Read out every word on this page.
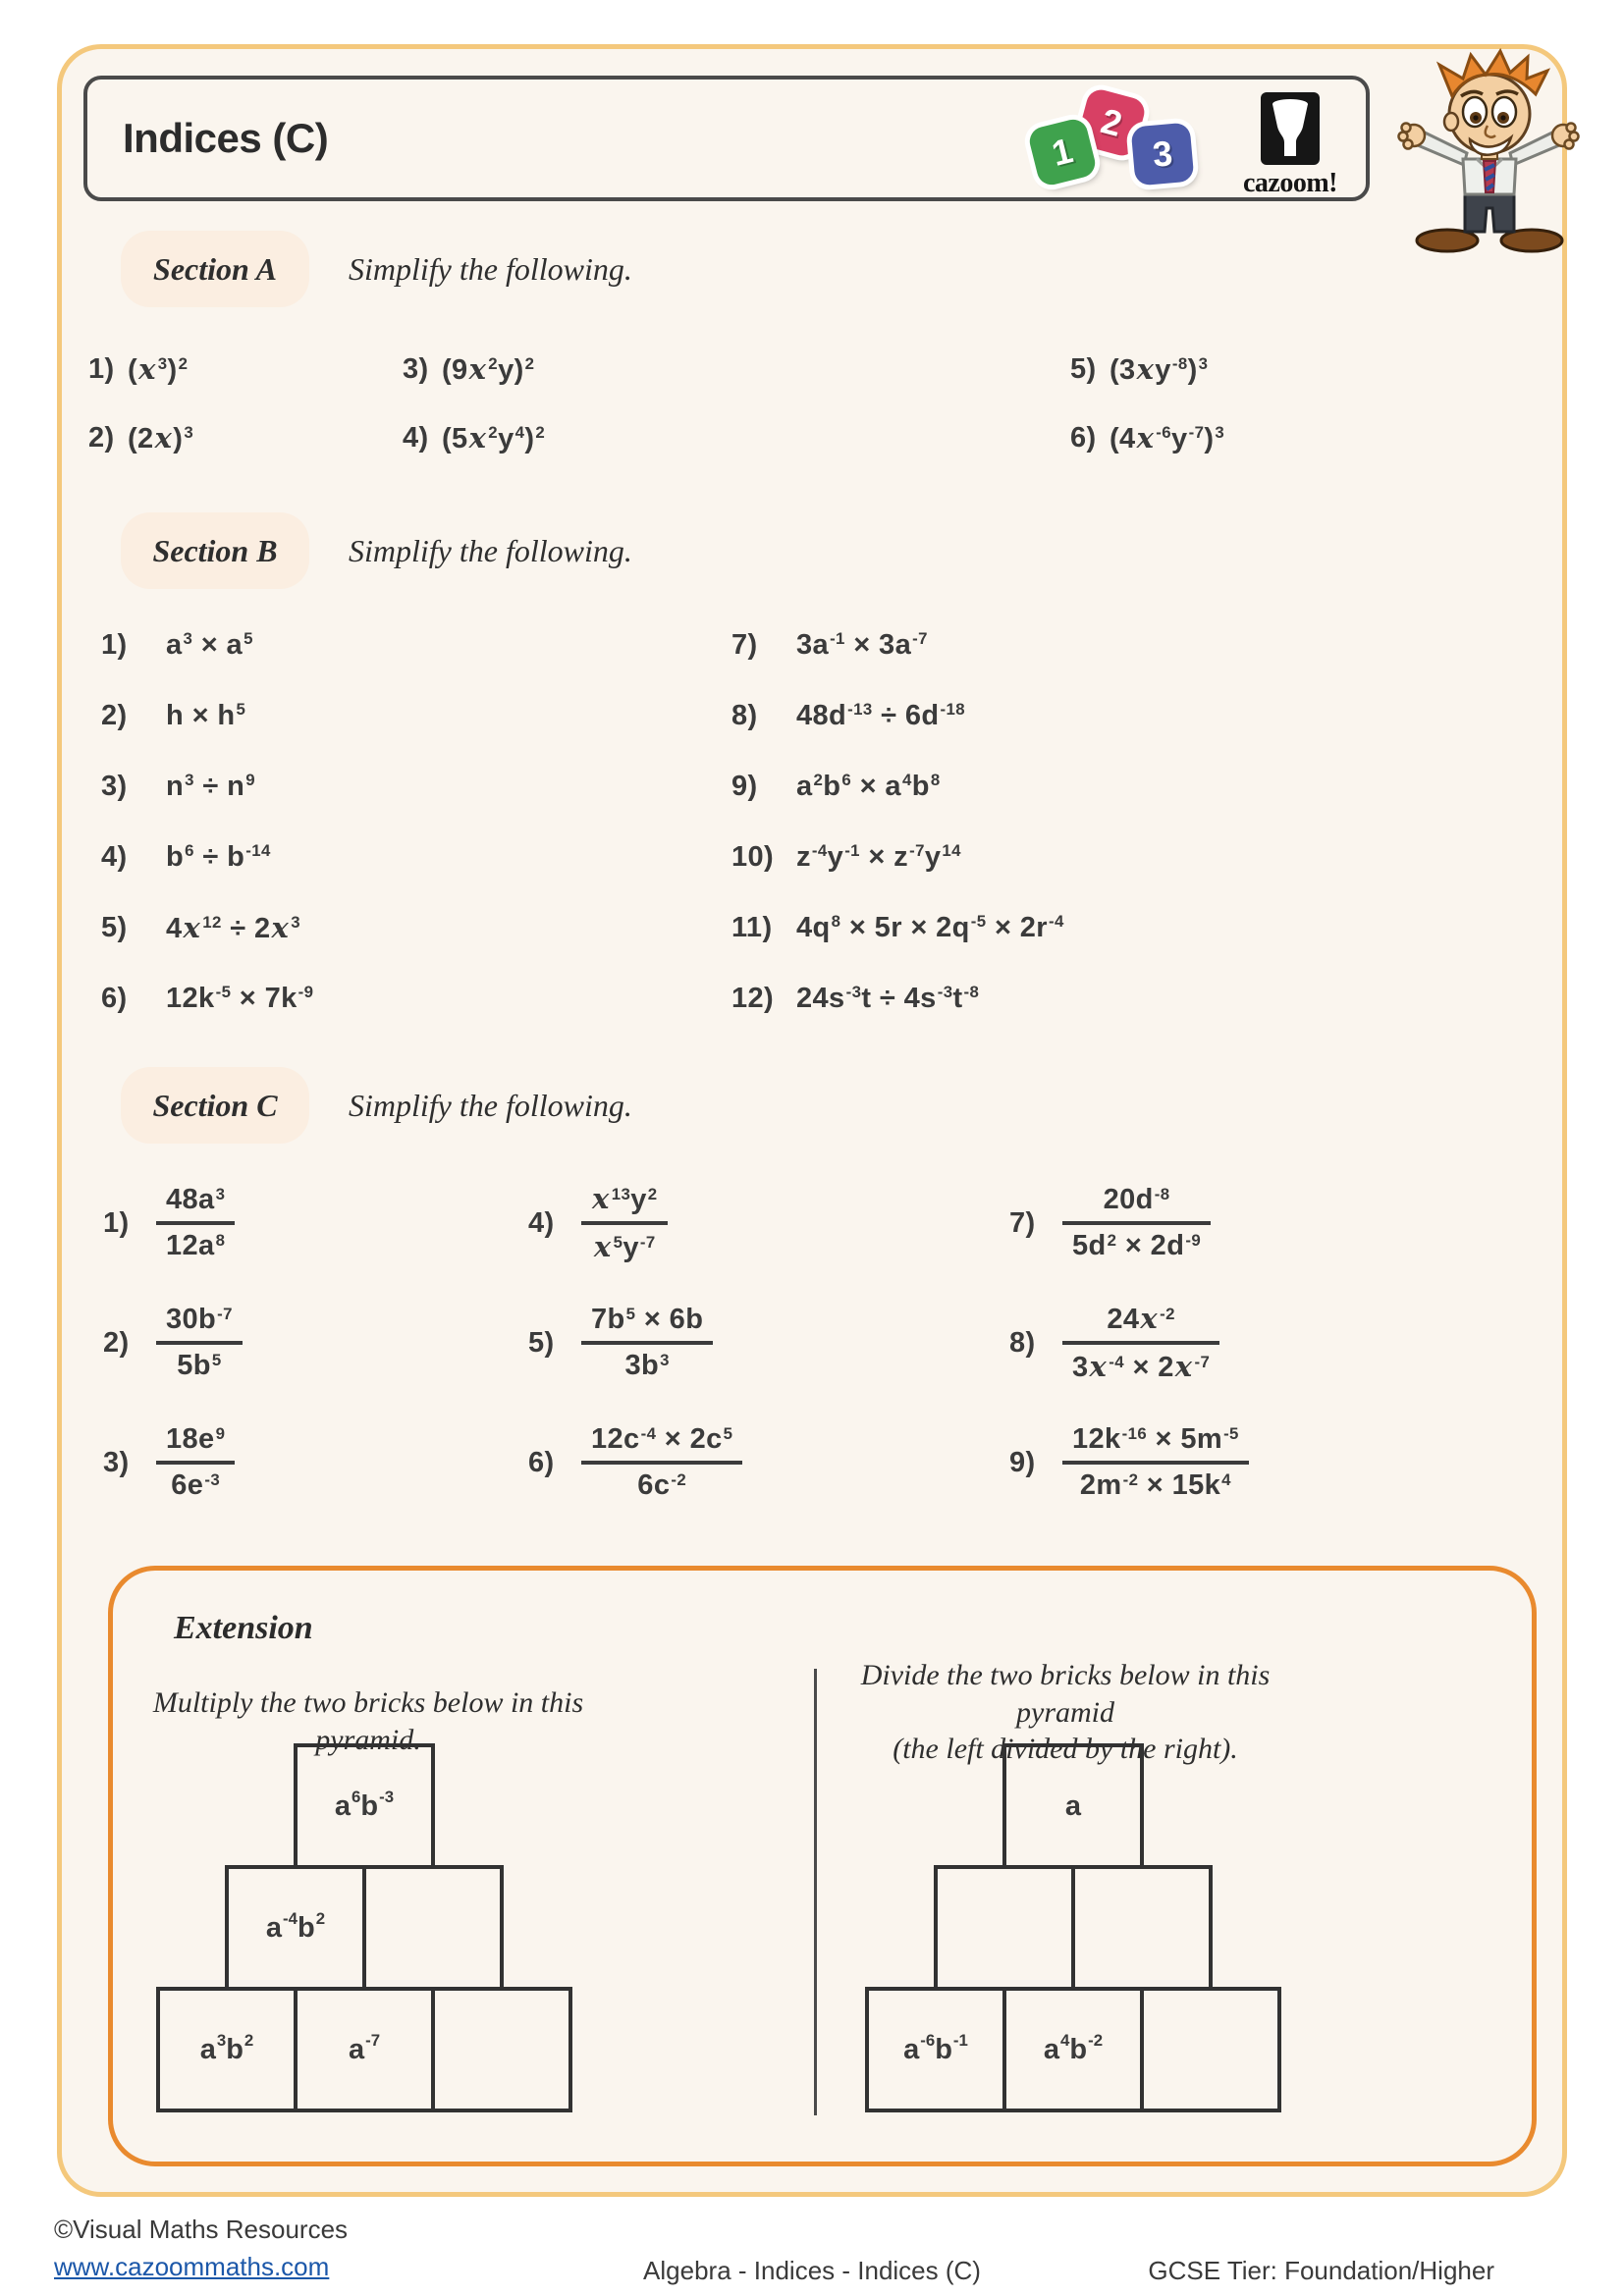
Indices (C)	1
2
3
cazoom!
Section A Simplify the following.
1) (x $^3$)$^2$
2) $(2x)^3$
3) (9x $^2$y)$^2$
4) (5x $^2y^4)^2$
5) $(3xy^{-8})^3$
6) (4x $^{-6}y^{-7})^3$
Section B Simplify the following.
1)	$a^3 \times a^5$
2)	$h \times h^5$
3)	$n^3 \div n^9$
4)	$b^6 \div b^{-14}$
5)	4x $^{12}$ ÷ 2x $^3$
6)	$12k^{-5} \times 7k^{-9}$
7)	$3a^{-1} \times 3a^{-7}$
8)	$48d^{-13} \div 6d^{-18}$
9)	$a^2b^6 \times a^4b^8$
10) $z^{-4}y^{-1} \times z^{-7}y^{14}$
11) $4q^8 \times 5r \times 2q^{-5} \times 2r^{-4}$
12) $24s^{-3}t \div 4s^{-3}t^{-8}$
Section C Simplify the following.
$1) \frac{48a^3}{12a^8}$
$2) \frac{30b^{-7}}{5b^5}$
$3) \frac{18e^9}{6e^{-3}}$
$4) \frac{x ^{13}y^2}{x ^5y^{-7}}$
$5) \frac{7b^5 \times 6b}{3b^3}$
$6) \frac{12c^{-4} \times 2c^5}{6c^{-2}}$
$7) \frac{20d^{-8}}{5d^2 \times 2d^{-9}}$
$8) \frac{24x ^{-2}}{3x ^{-4} \times 2x ^{-7}}$
$9) \frac{12k^{-16} \times 5m^{-5}}{2m^{-2} \times 15k^4}$
Extension
Multiply the two bricks below in this pyramid.
Divide the two bricks below in this pyramid
(the left divided by the right).
$a^6$ $b^{-3}$
$a^{-4}$ $b^2$
$a^3$ $b^2$	$a^{-7}$
a
$a^{-6}$ $b^{-1}$	$a^4$ $b^{-2}$
©Visual Maths Resources
www.cazoommaths.com	Algebra - Indices - Indices (C)	GCSE Tier: Foundation/Higher
